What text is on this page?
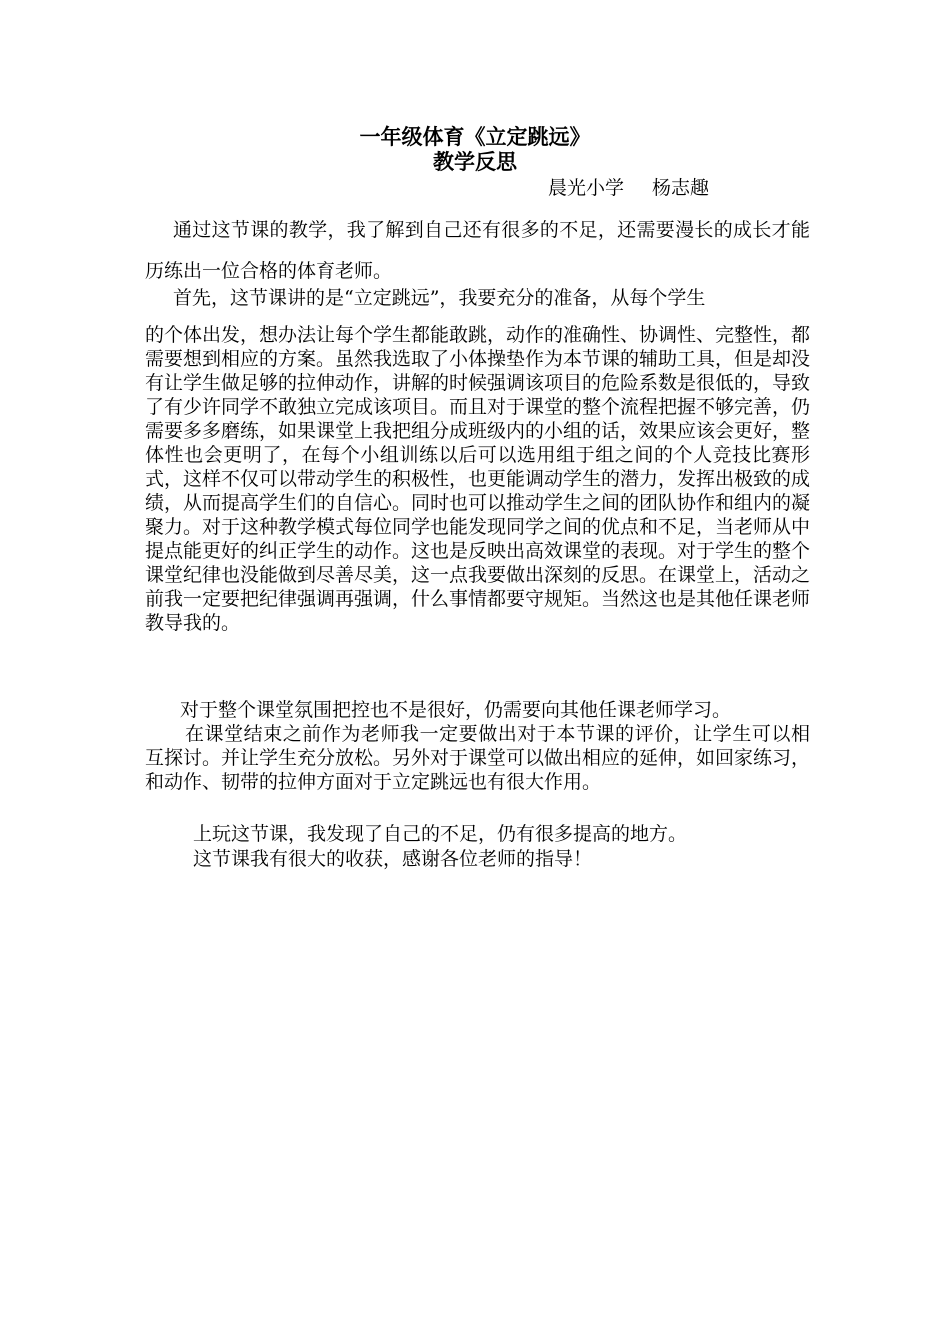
一年级体育《立定跳远》
教学反思
晨光小学 杨志趣

通过这节课的教学，我了解到自己还有很多的不足，还需要漫长的成长才能历练出一位合格的体育老师。

首先，这节课讲的是“立定跳远”，我要充分的准备，从每个学生
的个体出发，想办法让每个学生都能敢跳，动作的准确性、协调性、完整性，都需要想到相应的方案。虽然我选取了小体操垫作为本节课的辅助工具，但是却没有让学生做足够的拉伸动作，讲解的时候强调该项目的危险系数是很低的，导致了有少许同学不敢独立完成该项目。而且对于课堂的整个流程把握不够完善，仍需要多多磨练，如果课堂上我把组分成班级内的小组的话，效果应该会更好，整体性也会更明了，在每个小组训练以后可以选用组于组之间的个人竞技比赛形式，这样不仅可以带动学生的积极性，也更能调动学生的潜力，发挥出极致的成绩，从而提高学生们的自信心。同时也可以推动学生之间的团队协作和组内的凝聚力。对于这种教学模式每位同学也能发现同学之间的优点和不足，当老师从中提点能更好的纠正学生的动作。这也是反映出高效课堂的表现。对于学生的整个课堂纪律也没能做到尽善尽美，这一点我要做出深刻的反思。在课堂上，活动之前我一定要把纪律强调再强调，什么事情都要守规矩。当然这也是其他任课老师教导我的。

对于整个课堂氛围把控也不是很好，仍需要向其他任课老师学习。

在课堂结束之前作为老师我一定要做出对于本节课的评价，让学生可以相互探讨。并让学生充分放松。另外对于课堂可以做出相应的延伸，如回家练习，和动作、韧带的拉伸方面对于立定跳远也有很大作用。

上玩这节课，我发现了自己的不足，仍有很多提高的地方。

这节课我有很大的收获，感谢各位老师的指导！
